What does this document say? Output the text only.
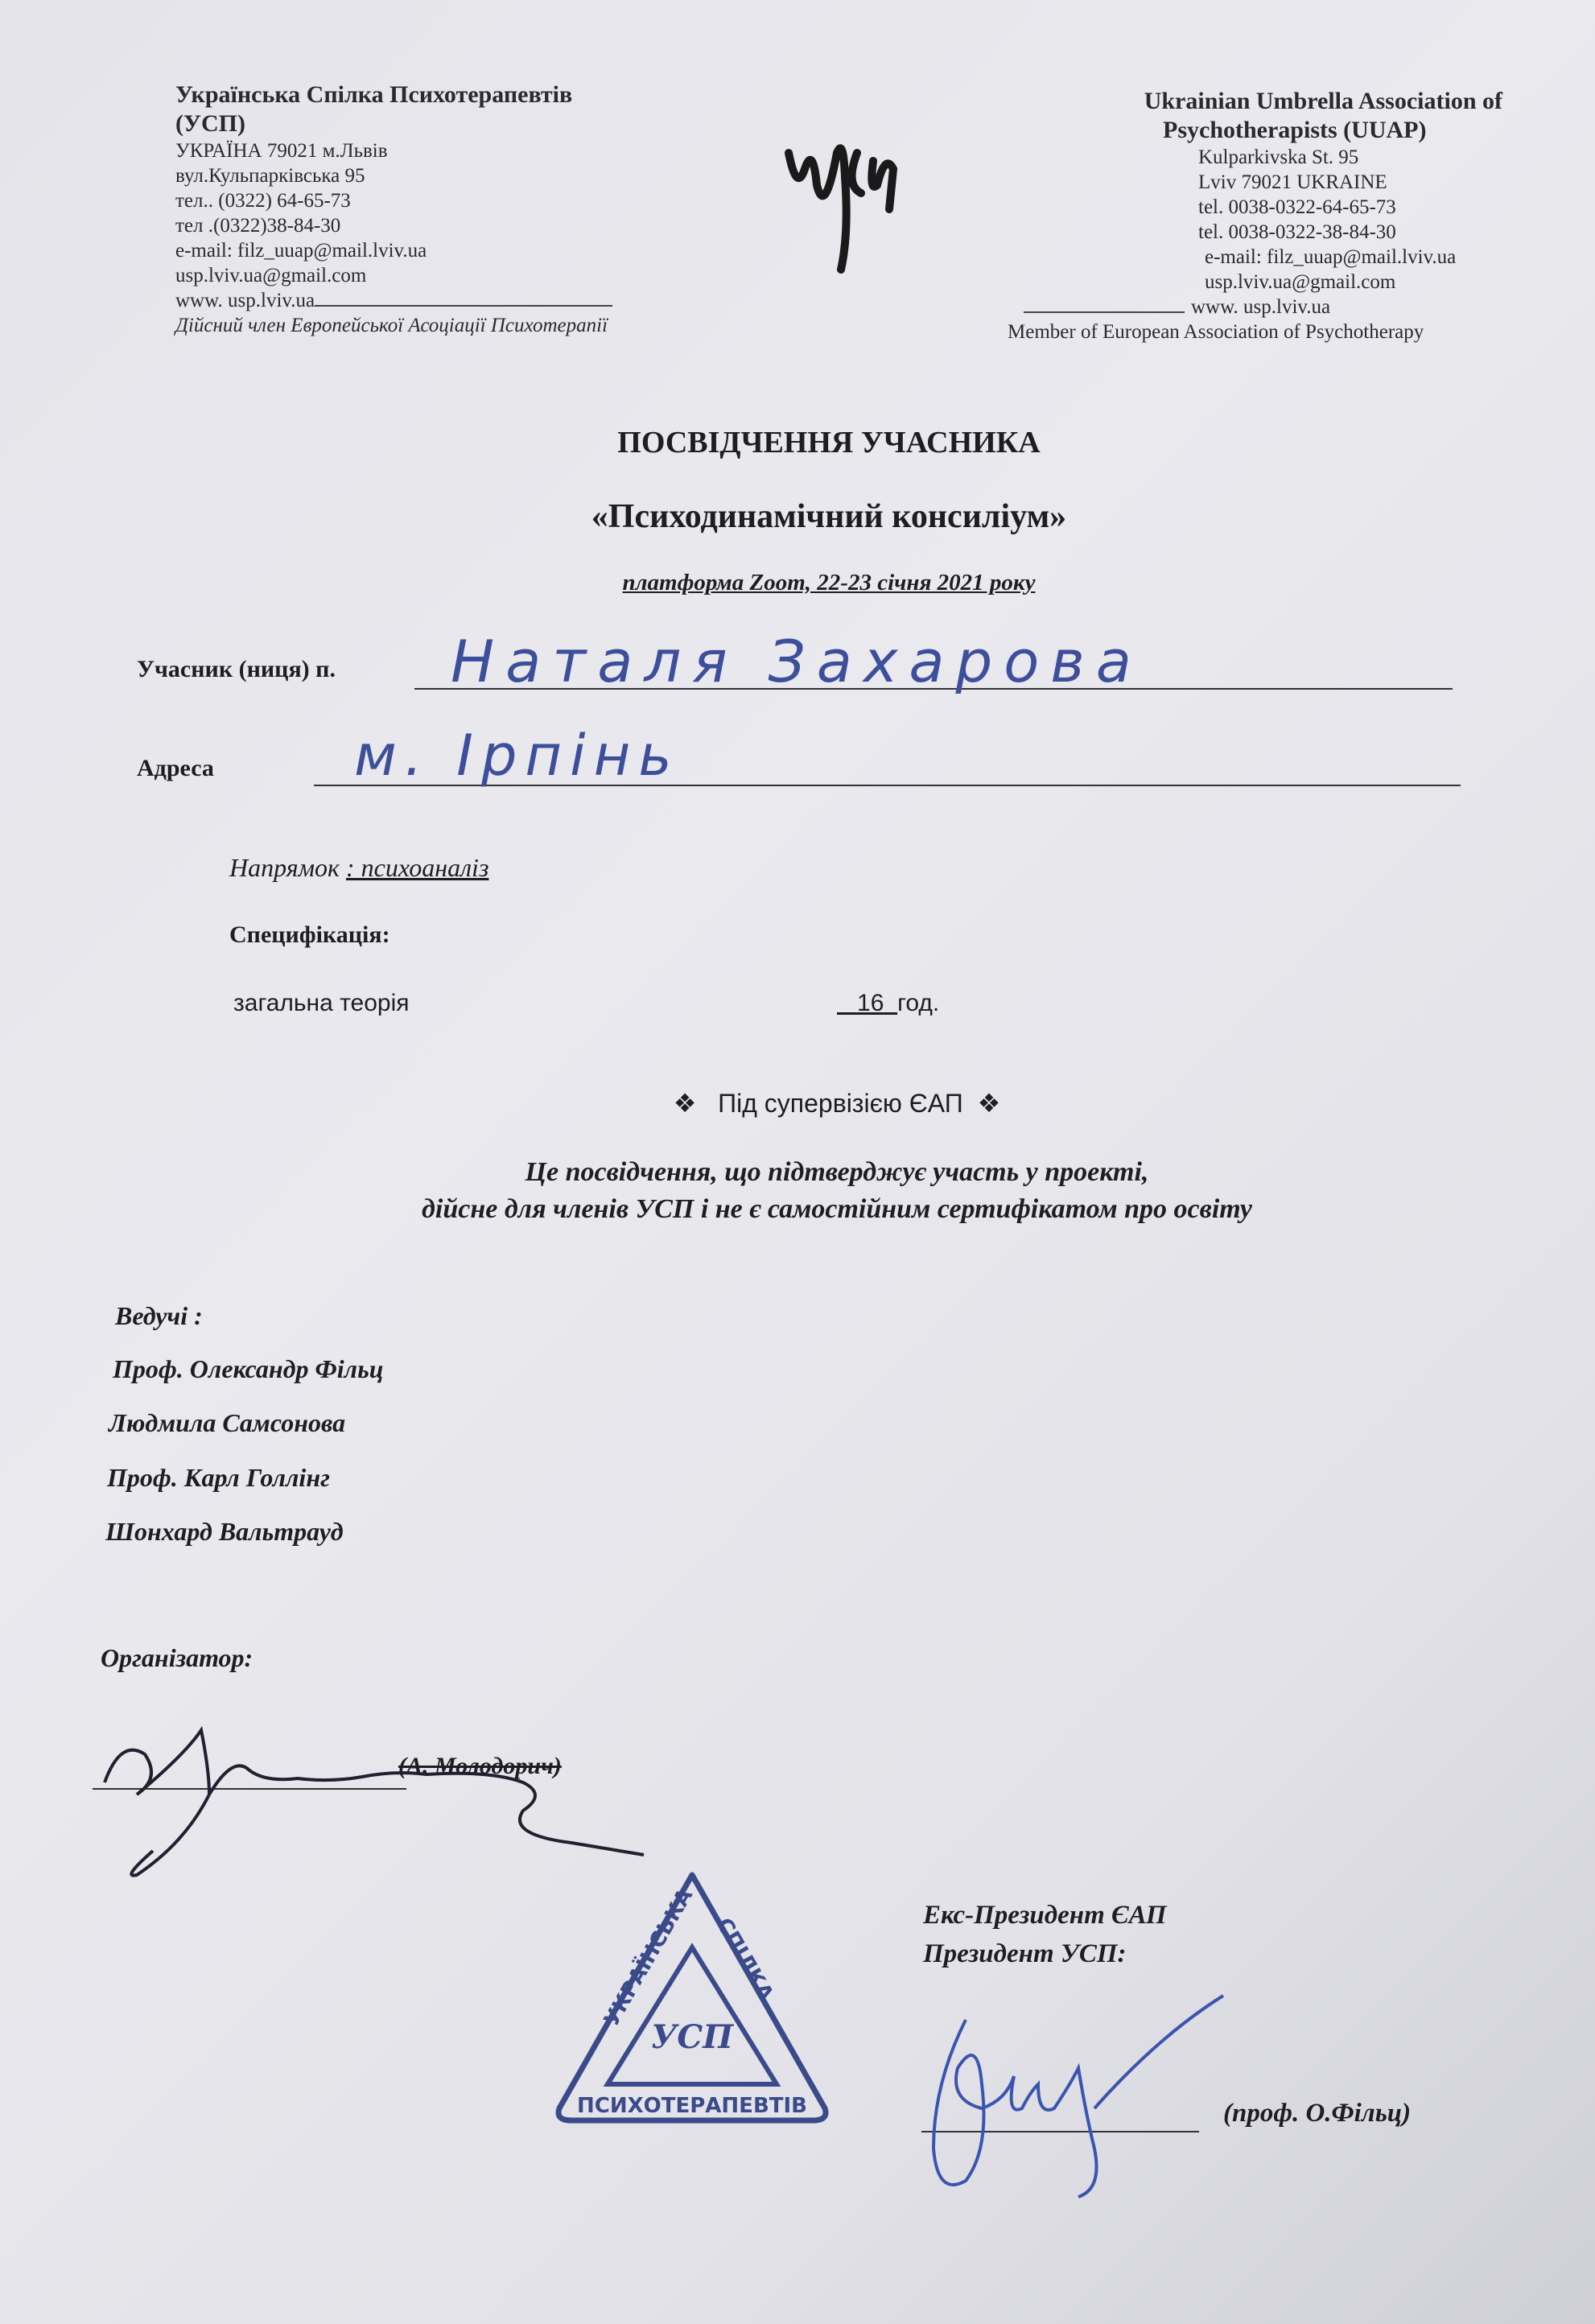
Українська Спілка Психотерапевтів
(УСП)
УКРАЇНА 79021 м.Львів
вул.Кульпарківська 95
тел.. (0322) 64-65-73
тел .(0322)38-84-30
e-mail: filz_uuap@mail.lviv.ua
usp.lviv.ua@gmail.com
www. usp.lviv.ua
Дійсний член Европейської Асоціації Психотерапії
Ukrainian Umbrella Association of
Psychotherapists (UUAP)
Kulparkivska St. 95
Lviv 79021 UKRAINE
tel. 0038-0322-64-65-73
tel. 0038-0322-38-84-30
e-mail: filz_uuap@mail.lviv.ua
usp.lviv.ua@gmail.com
www. usp.lviv.ua
Member of European Association of Psychotherapy
ПОСВІДЧЕННЯ УЧАСНИКА
«Психодинамічний консиліум»
платформа Zoom, 22-23 січня 2021 року
Учасник (ниця) п. Наталя Захарова
Адреса м. Ірпінь
Напрямок : психоаналіз
Специфікація:
загальна теорія	16 год.
❖ Під супервізією ЄАП ❖
Це посвідчення, що підтверджує участь у проекті,
дійсне для членів УСП і не є самостійним сертифікатом про освіту
Ведучі :
Проф. Олександр Фільц
Людмила Самсонова
Проф. Карл Голлінг
Шонхард Вальтрауд
Організатор:
(А. Молодорич)
УКРАЇНСЬКА СПІЛКА
ПСИХОТЕРАПЕВТІВ
УСП
Екс-Президент ЄАП
Президент УСП:
(проф. О.Фільц)
